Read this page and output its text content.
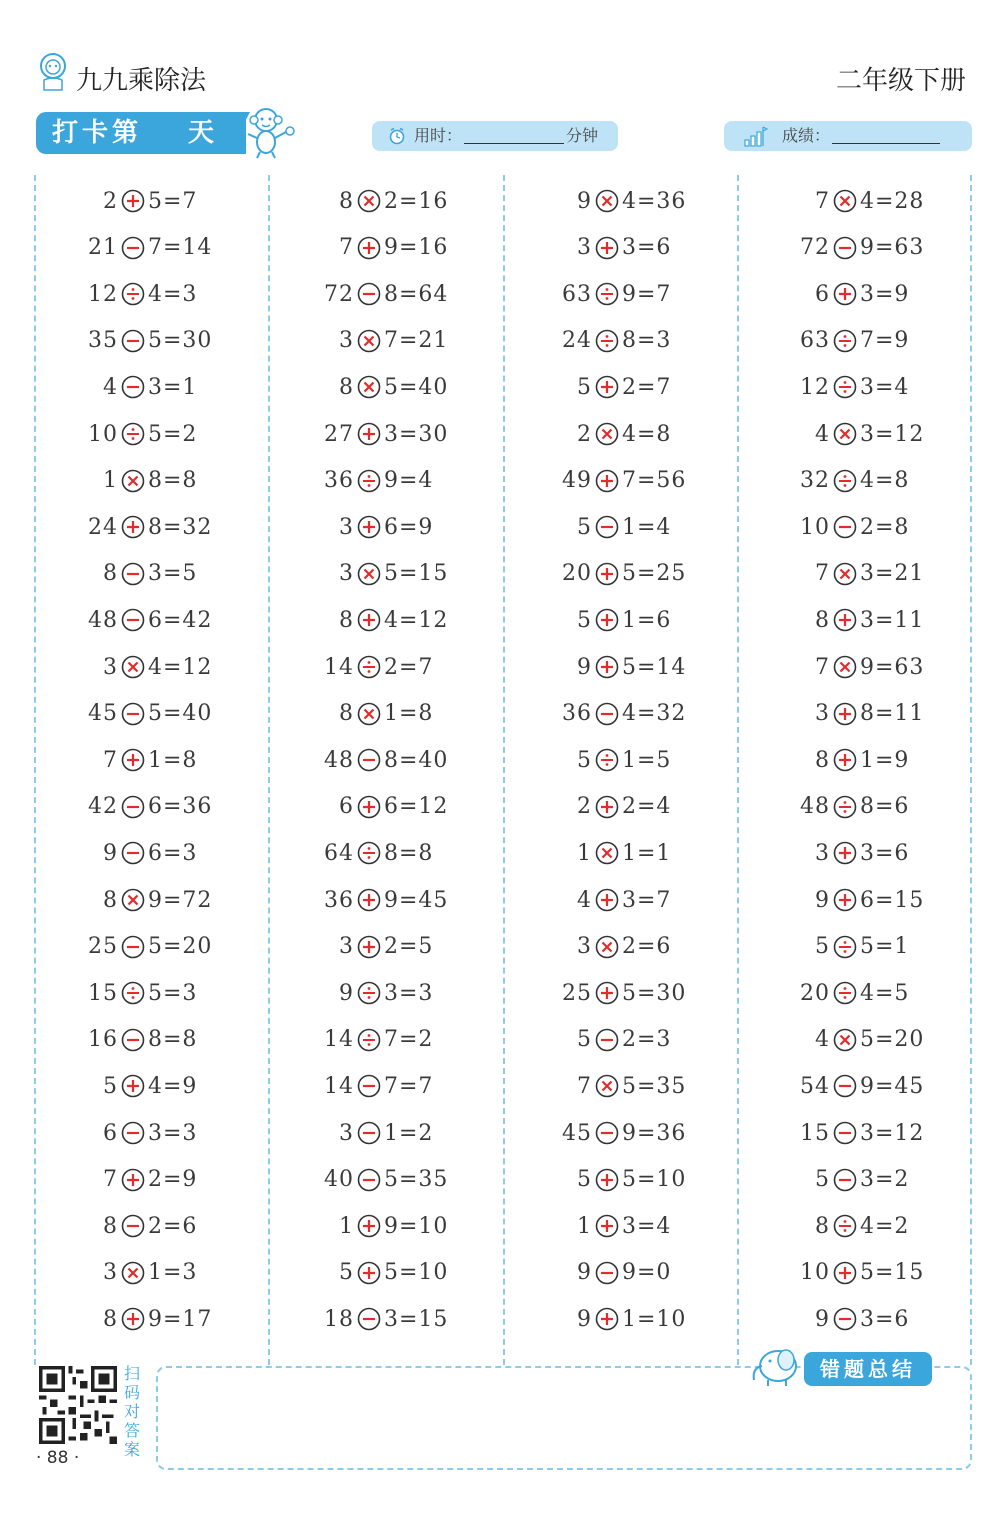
九九乘除法	二年级下册
打卡第	天	用时：	分钟	成绩：
2 5=7
21 7=14
12 4=3
35 5=30
4 3=1
10 5=2
1 8=8
24 8=32
8 3=5
48 6=42
3 4=12
45 5=40
7 1=8
42 6=36
9 6=3
8 9=72
25 5=20
15 5=3
16 8=8
5 4=9
6 3=3
7 2=9
8 2=6
3 1=3
8 9=17
8 2=16
7 9=16
72 8=64
3 7=21
8 5=40
27 3=30
36 9=4
3 6=9
3 5=15
8 4=12
14 2=7
8 1=8
48 8=40
6 6=12
64 8=8
36 9=45
3 2=5
9 3=3
14 7=2
14 7=7
3 1=2
40 5=35
1 9=10
5 5=10
18 3=15
9 4=36
3 3=6
63 9=7
24 8=3
5 2=7
2 4=8
49 7=56
5 1=4
20 5=25
5 1=6
9 5=14
36 4=32
5 1=5
2 2=4
1 1=1
4 3=7
3 2=6
25 5=30
5 2=3
7 5=35
45 9=36
5 5=10
1 3=4
9 9=0
9 1=10
7 4=28
72 9=63
6 3=9
63 7=9
12 3=4
4 3=12
32 4=8
10 2=8
7 3=21
8 3=11
7 9=63
3 8=11
8 1=9
48 8=6
3 3=6
9 6=15
5 5=1
20 4=5
4 5=20
54 9=45
15 3=12
5 3=2
8 4=2
10 5=15
9 3=6
错题总结
扫码对答案
· 88 ·
